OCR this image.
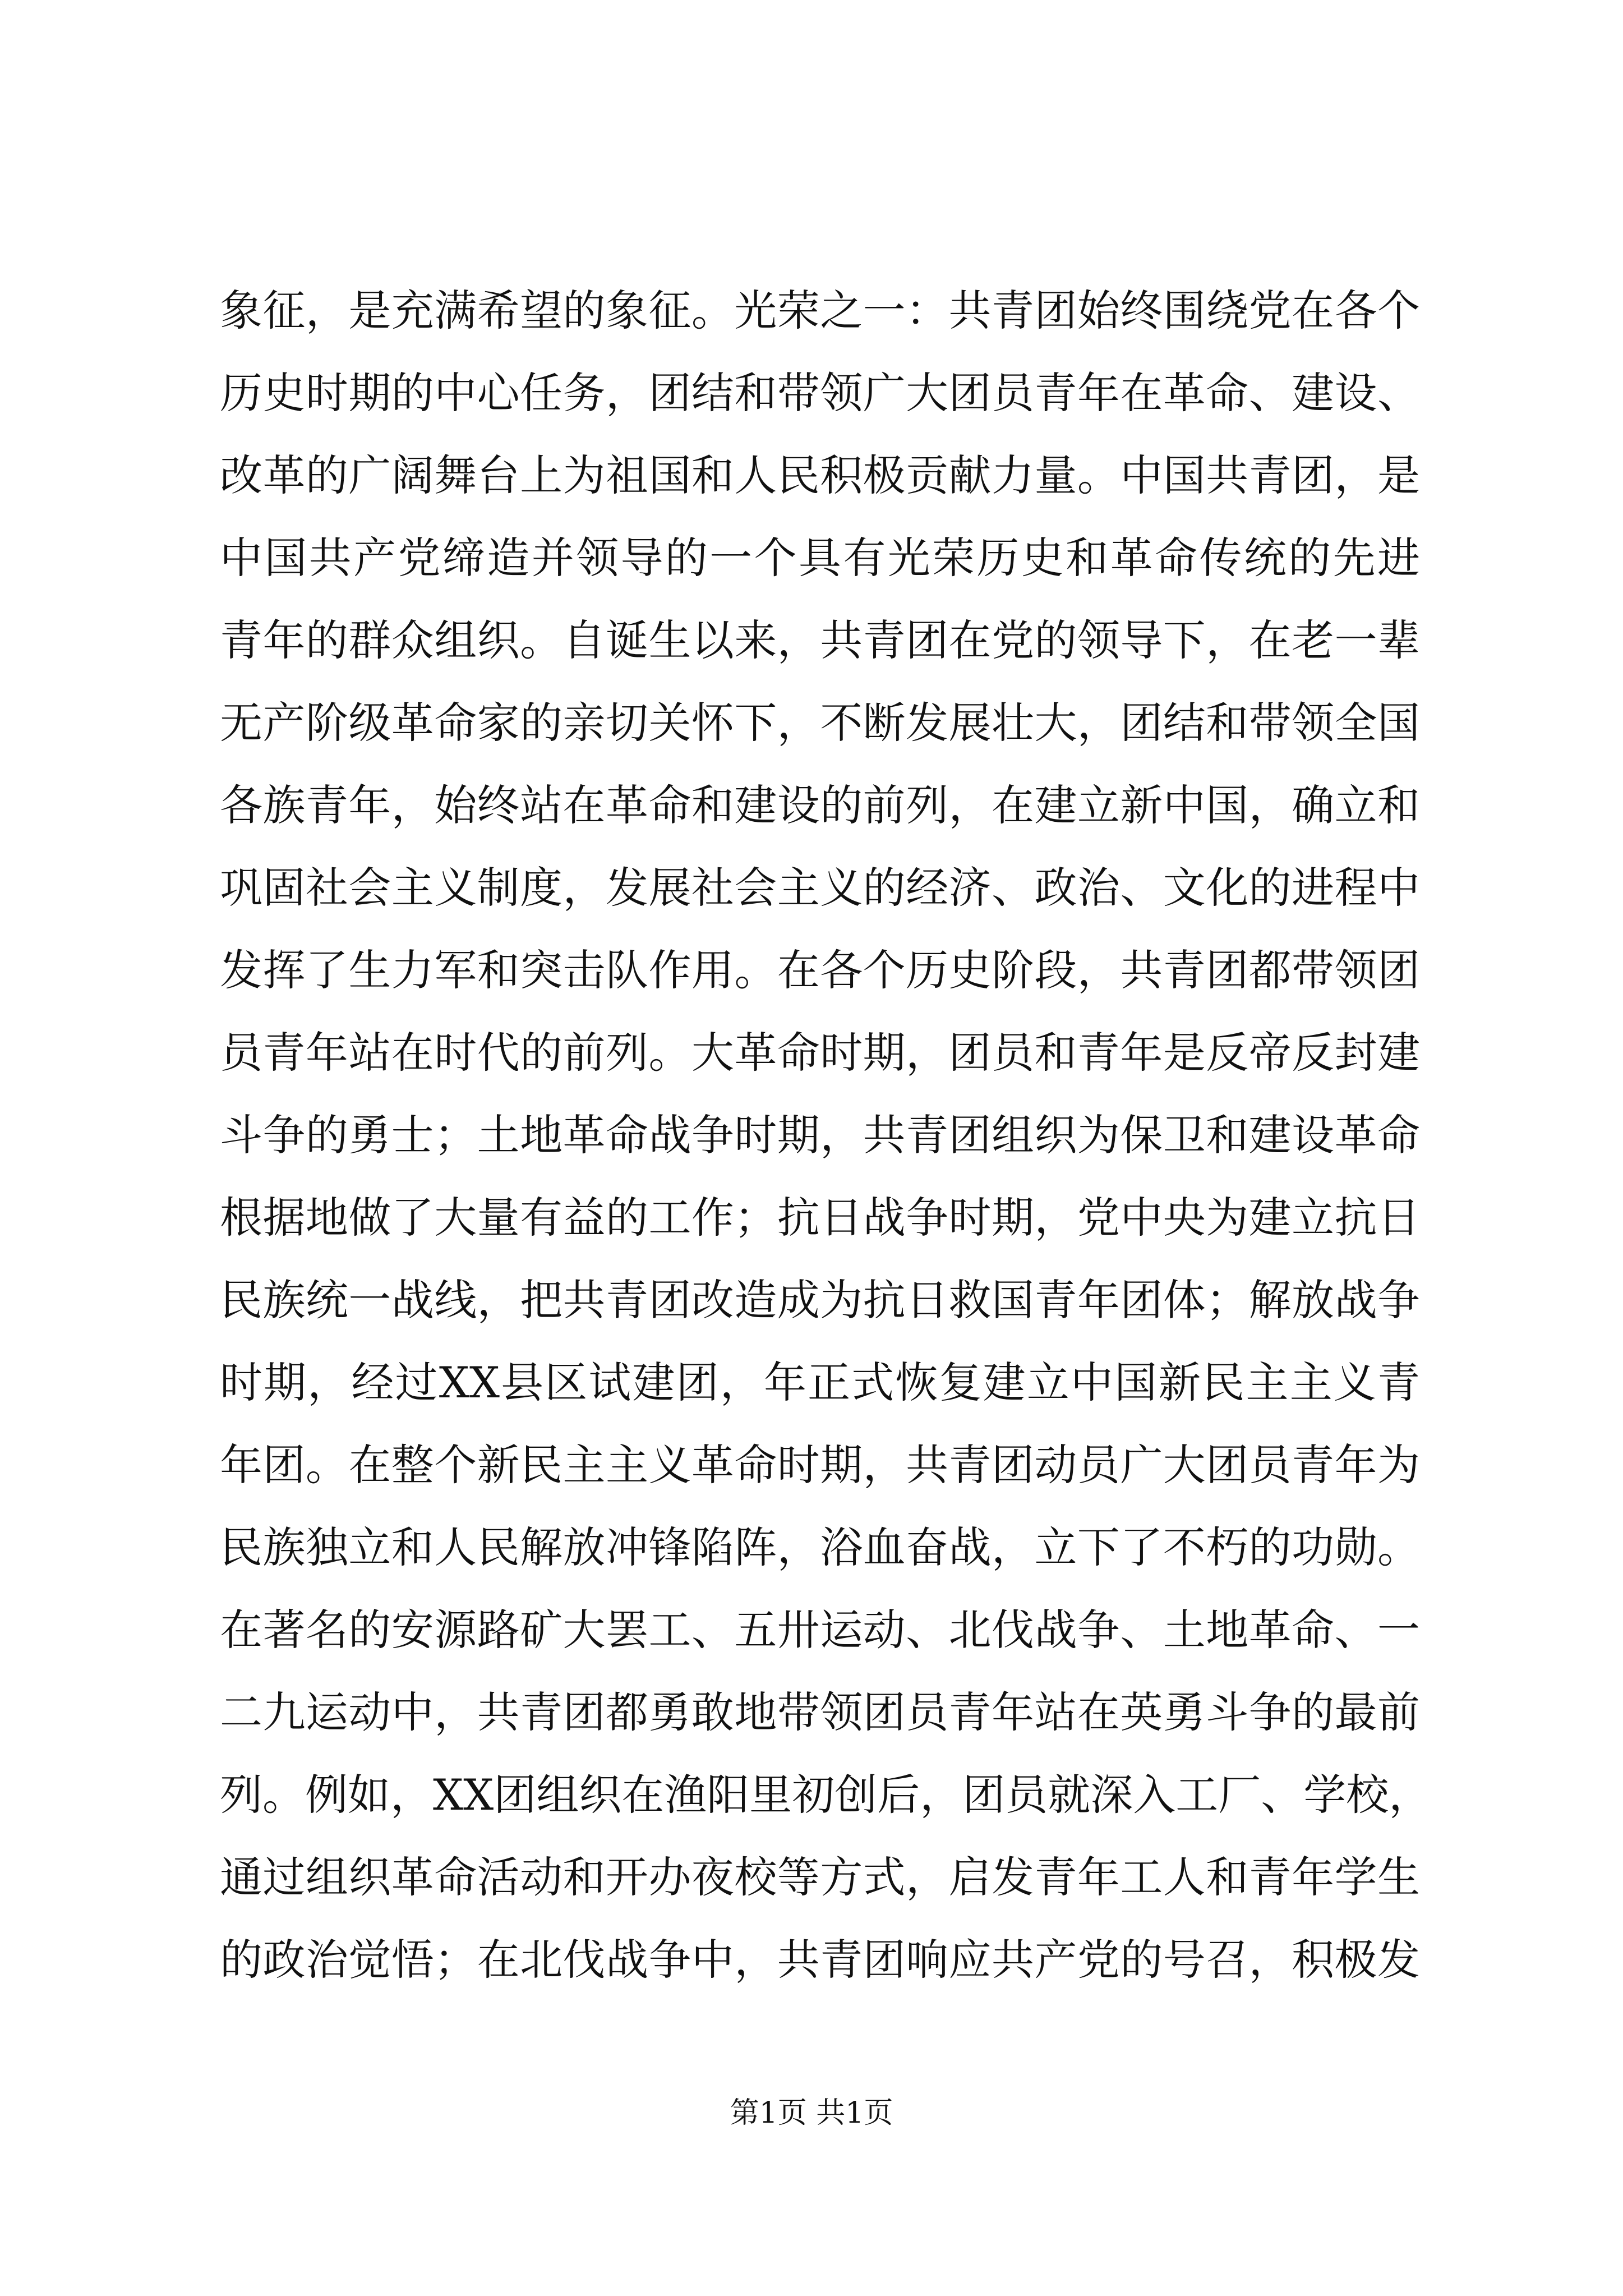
象征，是充满希望的象征。光荣之一：共青团始终围绕党在各个
历史时期的中心任务，团结和带领广大团员青年在革命、建设、
改革的广阔舞台上为祖国和人民积极贡献力量。中国共青团，是
中国共产党缔造并领导的一个具有光荣历史和革命传统的先进
青年的群众组织。自诞生以来，共青团在党的领导下，在老一辈
无产阶级革命家的亲切关怀下，不断发展壮大，团结和带领全国
各族青年，始终站在革命和建设的前列，在建立新中国，确立和
巩固社会主义制度，发展社会主义的经济、政治、文化的进程中
发挥了生力军和突击队作用。在各个历史阶段，共青团都带领团
员青年站在时代的前列。大革命时期，团员和青年是反帝反封建
斗争的勇士；土地革命战争时期，共青团组织为保卫和建设革命
根据地做了大量有益的工作；抗日战争时期，党中央为建立抗日
民族统一战线，把共青团改造成为抗日救国青年团体；解放战争
时期，经过XX县区试建团，年正式恢复建立中国新民主主义青
年团。在整个新民主主义革命时期，共青团动员广大团员青年为
民族独立和人民解放冲锋陷阵，浴血奋战，立下了不朽的功勋。
在著名的安源路矿大罢工、五卅运动、北伐战争、土地革命、一
二九运动中，共青团都勇敢地带领团员青年站在英勇斗争的最前
列。例如，XX团组织在渔阳里初创后，团员就深入工厂、学校，
通过组织革命活动和开办夜校等方式，启发青年工人和青年学生
的政治觉悟；在北伐战争中，共青团响应共产党的号召，积极发
第1页 共1页
